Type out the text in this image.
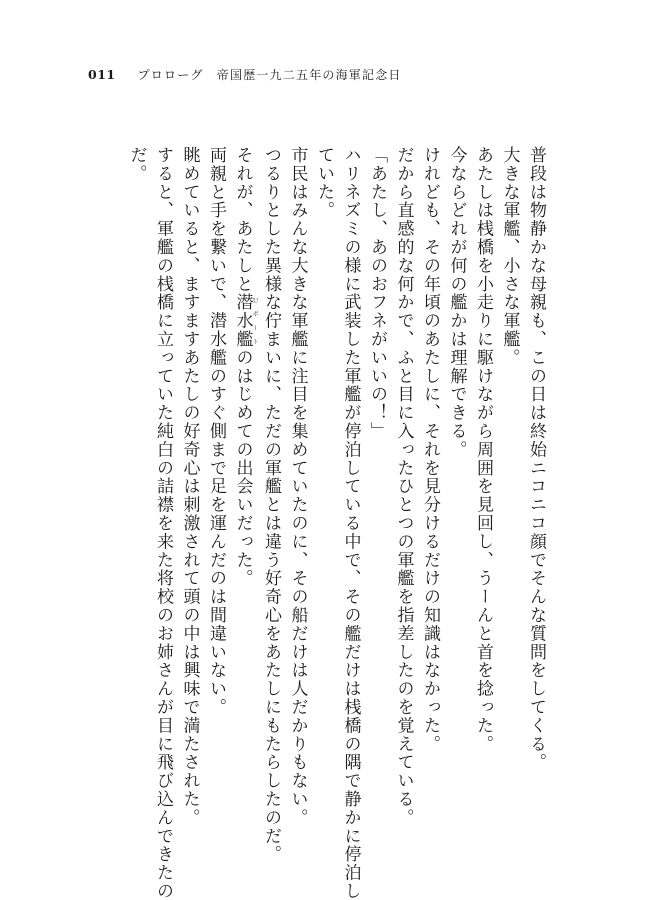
011 プロローグ　帝国歴一九二五年の海軍記念日
普段は物静かな母親も、この日は終始ニコニコ顔でそんな質問をしてくる。
大きな軍艦、小さな軍艦。
あたしは桟橋を小走りに駆けながら周囲を見回し、うーんと首を捻った。
今ならどれが何の艦かは理解できる。
けれども、その年頃のあたしに、それを見分けるだけの知識はなかった。
だから直感的な何かで、ふと目に入ったひとつの軍艦を指差したのを覚えている。
「あたし、あのおフネがいいの！」
ハリネズミの様に武装した軍艦が停泊している中で、その艦だけは桟橋の隅で静かに停泊し
ていた。
市民はみんな大きな軍艦に注目を集めていたのに、その船だけは人だかりもない。
つるりとした異様な佇まいに、ただの軍艦とは違う好奇心をあたしにもたらしたのだ。
それが、あたしと潜水艦Ｕボートのはじめての出会いだった。
両親と手を繋いで、潜水艦のすぐ側まで足を運んだのは間違いない。
眺めていると、ますますあたしの好奇心は刺激されて頭の中は興味で満たされた。
すると、軍艦の桟橋に立っていた純白の詰襟を来た将校のお姉さんが目に飛び込んできたの
だ。
